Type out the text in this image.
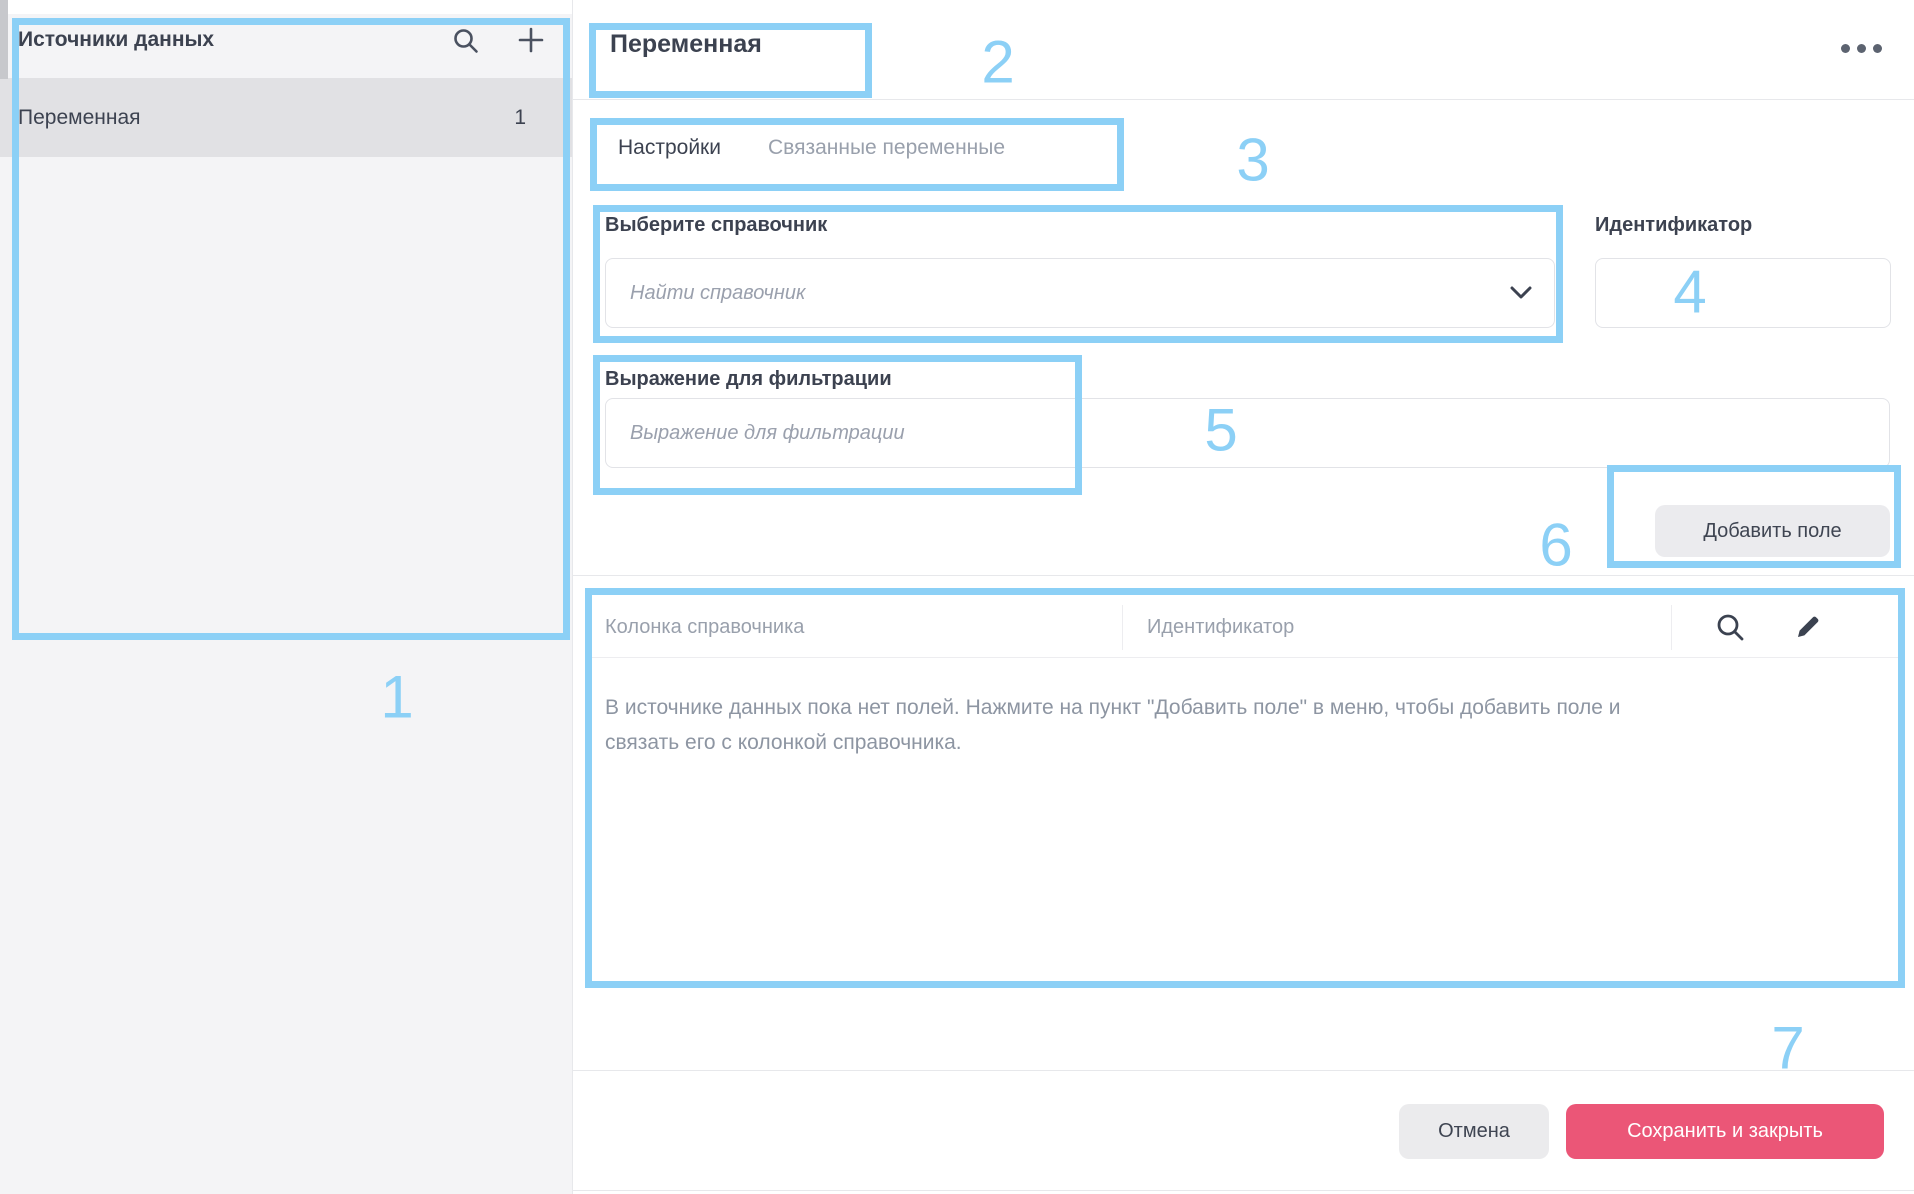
Источники данных
Переменная	1
Переменная
Настройки Связанные переменные
Выберите справочник
Найти справочник	Идентификатор
Выражение для фильтрации
Выражение для фильтрации
Добавить поле
Колонка справочника	Идентификатор
В источнике данных пока нет полей. Нажмите на пункт "Добавить поле" в меню, чтобы добавить поле и
связать его с колонкой справочника.
Отмена	Сохранить и закрыть
1
2
3
4
5
6
7
